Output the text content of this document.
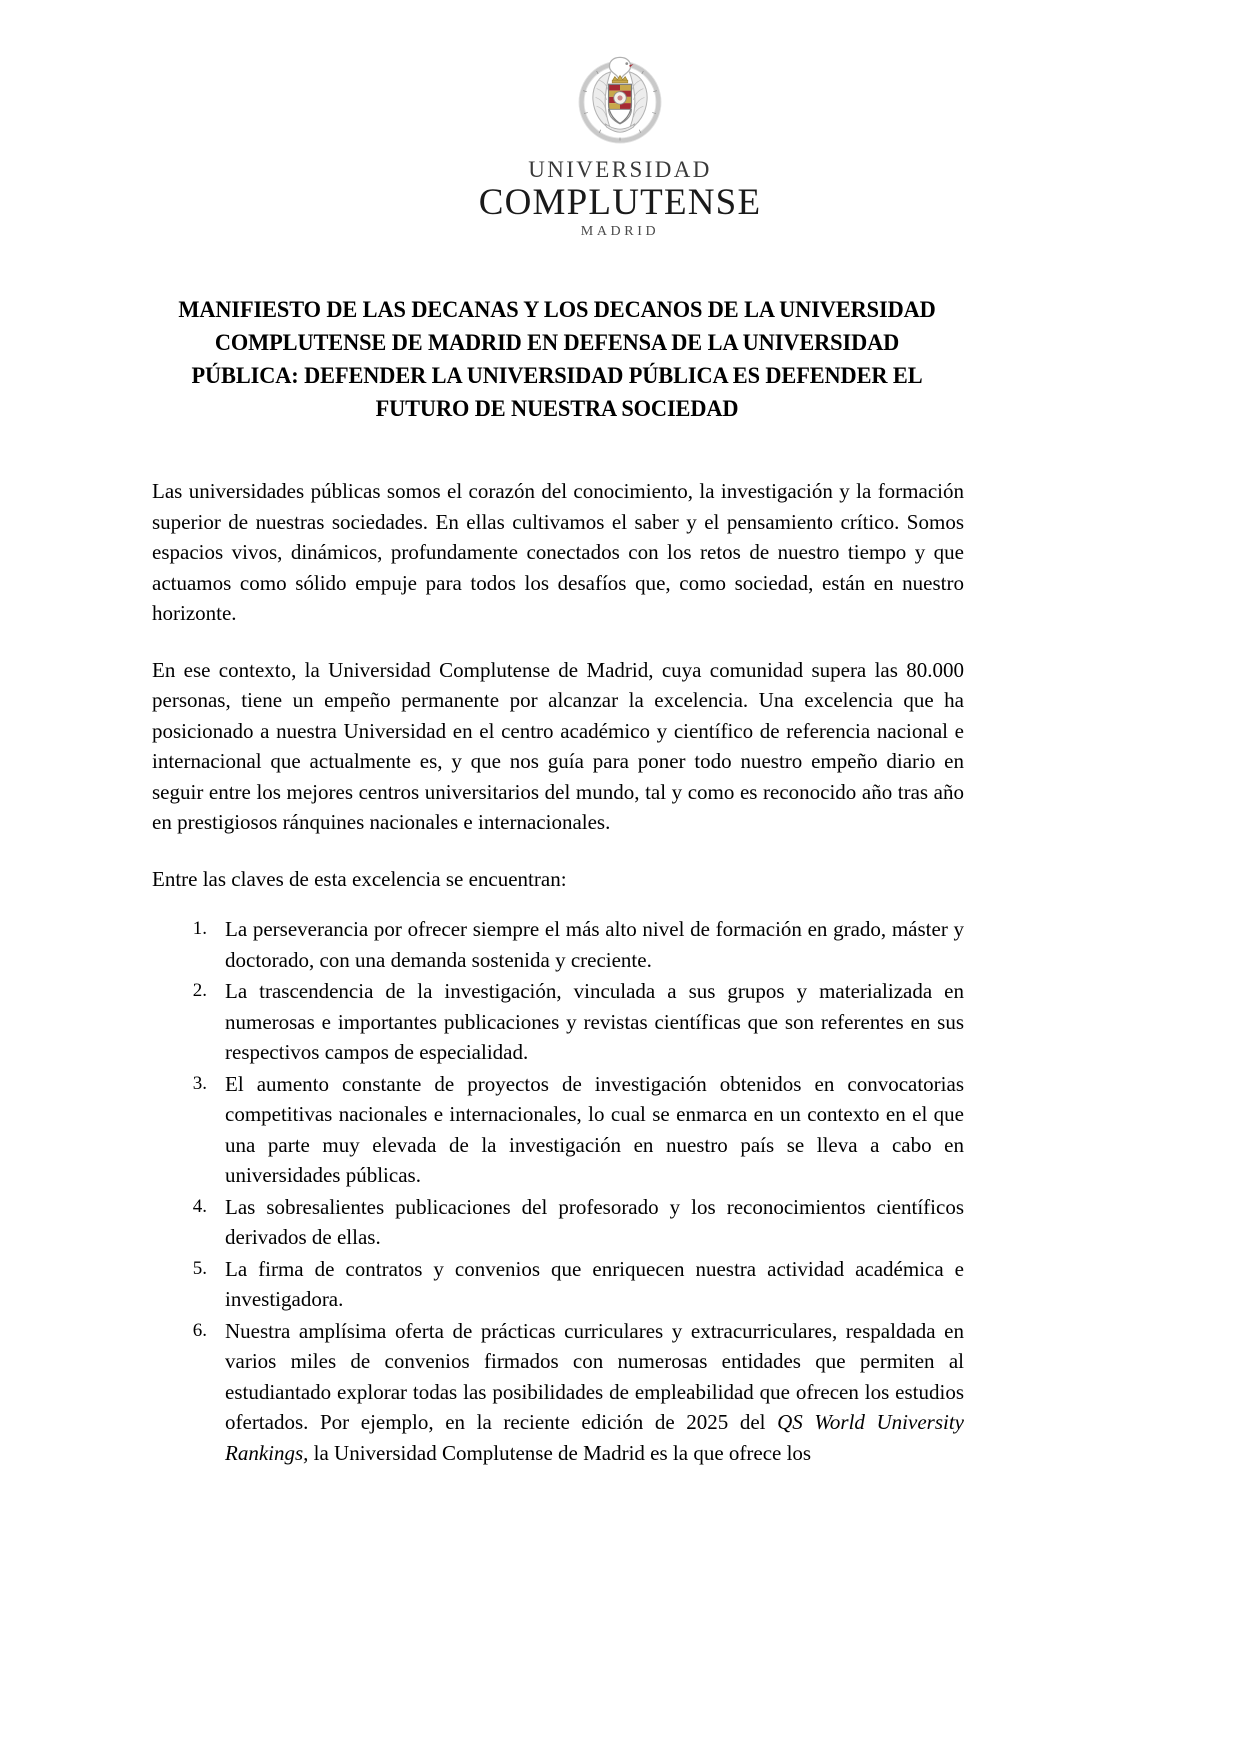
UNIVERSIDAD
COMPLUTENSE
MADRID
MANIFIESTO DE LAS DECANAS Y LOS DECANOS DE LA UNIVERSIDAD
COMPLUTENSE DE MADRID EN DEFENSA DE LA UNIVERSIDAD
PÚBLICA: DEFENDER LA UNIVERSIDAD PÚBLICA ES DEFENDER EL
FUTURO DE NUESTRA SOCIEDAD

Las universidades públicas somos el corazón del conocimiento, la investigación y la formación superior de nuestras sociedades. En ellas cultivamos el saber y el pensamiento crítico. Somos espacios vivos, dinámicos, profundamente conectados con los retos de nuestro tiempo y que actuamos como sólido empuje para todos los desafíos que, como sociedad, están en nuestro horizonte.

En ese contexto, la Universidad Complutense de Madrid, cuya comunidad supera las 80.000 personas, tiene un empeño permanente por alcanzar la excelencia. Una excelencia que ha posicionado a nuestra Universidad en el centro académico y científico de referencia nacional e internacional que actualmente es, y que nos guía para poner todo nuestro empeño diario en seguir entre los mejores centros universitarios del mundo, tal y como es reconocido año tras año en prestigiosos ránquines nacionales e internacionales.

Entre las claves de esta excelencia se encuentran:

La perseverancia por ofrecer siempre el más alto nivel de formación en grado, máster y doctorado, con una demanda sostenida y creciente.
La trascendencia de la investigación, vinculada a sus grupos y materializada en numerosas e importantes publicaciones y revistas científicas que son referentes en sus respectivos campos de especialidad.
El aumento constante de proyectos de investigación obtenidos en convocatorias competitivas nacionales e internacionales, lo cual se enmarca en un contexto en el que una parte muy elevada de la investigación en nuestro país se lleva a cabo en universidades públicas.
Las sobresalientes publicaciones del profesorado y los reconocimientos científicos derivados de ellas.
La firma de contratos y convenios que enriquecen nuestra actividad académica e investigadora.
Nuestra amplísima oferta de prácticas curriculares y extracurriculares, respaldada en varios miles de convenios firmados con numerosas entidades que permiten al estudiantado explorar todas las posibilidades de empleabilidad que ofrecen los estudios ofertados. Por ejemplo, en la reciente edición de 2025 del QS World University Rankings, la Universidad Complutense de Madrid es la que ofrece los
